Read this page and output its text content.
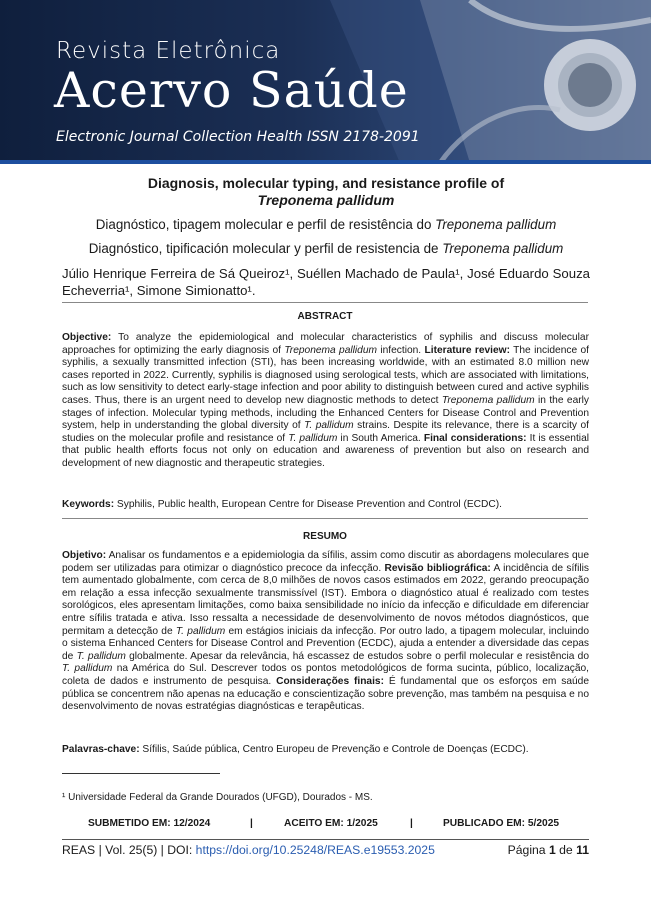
Revista Eletrônica
Acervo Saúde
Electronic Journal Collection Health ISSN 2178-2091
Diagnosis, molecular typing, and resistance profile of
Treponema pallidum
Diagnóstico, tipagem molecular e perfil de resistência do Treponema pallidum
Diagnóstico, tipificación molecular y perfil de resistencia de Treponema pallidum
Júlio Henrique Ferreira de Sá Queiroz¹, Suéllen Machado de Paula¹, José Eduardo Souza
Echeverria¹, Simone Simionatto¹.
ABSTRACT
Objective: To analyze the epidemiological and molecular characteristics of syphilis and discuss molecular approaches for optimizing the early diagnosis of Treponema pallidum infection. Literature review: The incidence of syphilis, a sexually transmitted infection (STI), has been increasing worldwide, with an estimated 8.0 million new cases reported in 2022. Currently, syphilis is diagnosed using serological tests, which are associated with limitations, such as low sensitivity to detect early-stage infection and poor ability to distinguish between cured and active syphilis cases. Thus, there is an urgent need to develop new diagnostic methods to detect Treponema pallidum in the early stages of infection. Molecular typing methods, including the Enhanced Centers for Disease Control and Prevention system, help in understanding the global diversity of T. pallidum strains. Despite its relevance, there is a scarcity of studies on the molecular profile and resistance of T. pallidum in South America. Final considerations: It is essential that public health efforts focus not only on education and awareness of prevention but also on research and development of new diagnostic and therapeutic strategies.
Keywords: Syphilis, Public health, European Centre for Disease Prevention and Control (ECDC).
RESUMO
Objetivo: Analisar os fundamentos e a epidemiologia da sífilis, assim como discutir as abordagens moleculares que podem ser utilizadas para otimizar o diagnóstico precoce da infecção. Revisão bibliográfica: A incidência de sífilis tem aumentado globalmente, com cerca de 8,0 milhões de novos casos estimados em 2022, gerando preocupação em relação a essa infecção sexualmente transmissível (IST). Embora o diagnóstico atual é realizado com testes sorológicos, eles apresentam limitações, como baixa sensibilidade no início da infecção e dificuldade em diferenciar entre sífilis tratada e ativa. Isso ressalta a necessidade de desenvolvimento de novos métodos diagnósticos, que permitam a detecção de T. pallidum em estágios iniciais da infecção. Por outro lado, a tipagem molecular, incluindo o sistema Enhanced Centers for Disease Control and Prevention (ECDC), ajuda a entender a diversidade das cepas de T. pallidum globalmente. Apesar da relevância, há escassez de estudos sobre o perfil molecular e resistência do T. pallidum na América do Sul. Descrever todos os pontos metodológicos de forma sucinta, público, localização, coleta de dados e instrumento de pesquisa. Considerações finais: É fundamental que os esforços em saúde pública se concentrem não apenas na educação e conscientização sobre prevenção, mas também na pesquisa e no desenvolvimento de novas estratégias diagnósticas e terapêuticas.
Palavras-chave: Sífilis, Saúde pública, Centro Europeu de Prevenção e Controle de Doenças (ECDC).
¹ Universidade Federal da Grande Dourados (UFGD), Dourados - MS.
SUBMETIDO EM: 12/2024	|	ACEITO EM: 1/2025	|	PUBLICADO EM: 5/2025
REAS | Vol. 25(5) | DOI: https://doi.org/10.25248/REAS.e19553.2025	Página 1 de 11
